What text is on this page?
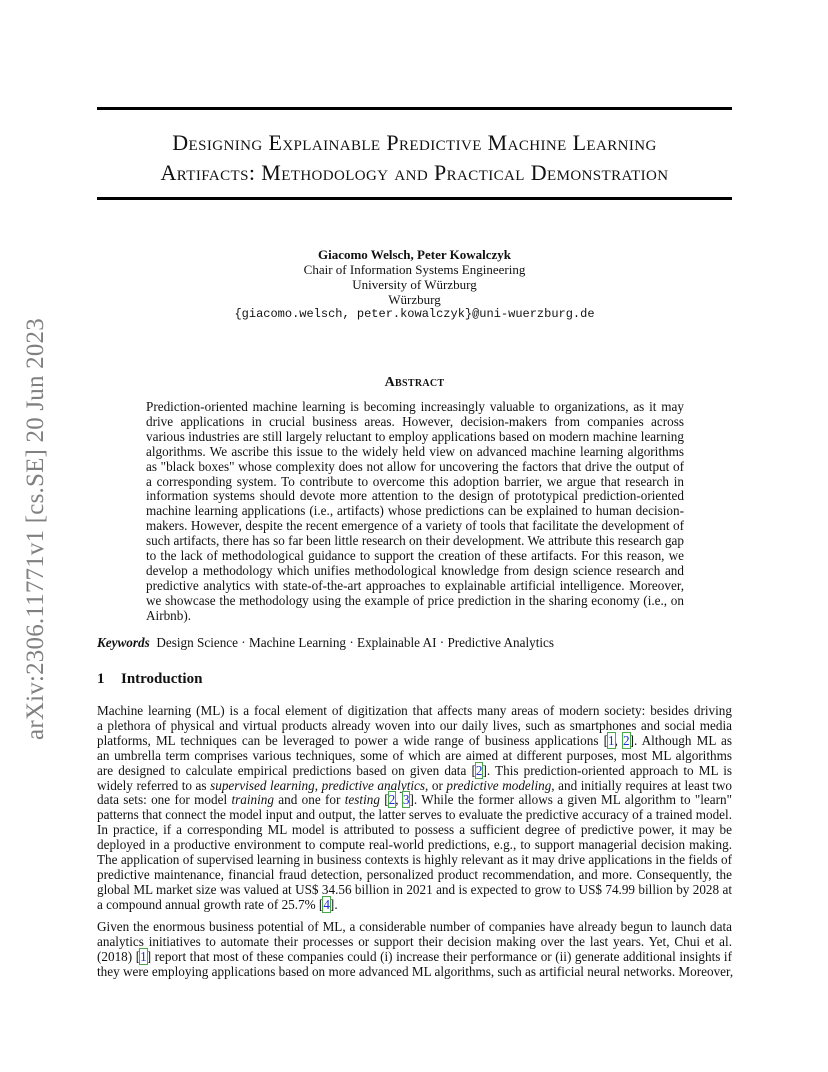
arXiv:2306.11771v1 [cs.SE] 20 Jun 2023
Designing Explainable Predictive Machine Learning
Artifacts: Methodology and Practical Demonstration
Giacomo Welsch, Peter Kowalczyk
Chair of Information Systems Engineering
University of Würzburg
Würzburg
{giacomo.welsch, peter.kowalczyk}@uni-wuerzburg.de
Abstract
Prediction-oriented machine learning is becoming increasingly valuable to organizations, as it may
drive applications in crucial business areas. However, decision-makers from companies across
various industries are still largely reluctant to employ applications based on modern machine learning
algorithms. We ascribe this issue to the widely held view on advanced machine learning algorithms
as "black boxes" whose complexity does not allow for uncovering the factors that drive the output of
a corresponding system. To contribute to overcome this adoption barrier, we argue that research in
information systems should devote more attention to the design of prototypical prediction-oriented
machine learning applications (i.e., artifacts) whose predictions can be explained to human decision-
makers. However, despite the recent emergence of a variety of tools that facilitate the development of
such artifacts, there has so far been little research on their development. We attribute this research gap
to the lack of methodological guidance to support the creation of these artifacts. For this reason, we
develop a methodology which unifies methodological knowledge from design science research and
predictive analytics with state-of-the-art approaches to explainable artificial intelligence. Moreover,
we showcase the methodology using the example of price prediction in the sharing economy (i.e., on
Airbnb).
Keywords Design Science · Machine Learning · Explainable AI · Predictive Analytics
1 Introduction
Machine learning (ML) is a focal element of digitization that affects many areas of modern society: besides driving
a plethora of physical and virtual products already woven into our daily lives, such as smartphones and social media
platforms, ML techniques can be leveraged to power a wide range of business applications [1, 2]. Although ML as
an umbrella term comprises various techniques, some of which are aimed at different purposes, most ML algorithms
are designed to calculate empirical predictions based on given data [2]. This prediction-oriented approach to ML is
widely referred to as supervised learning, predictive analytics, or predictive modeling, and initially requires at least two
data sets: one for model training and one for testing [2, 3]. While the former allows a given ML algorithm to "learn"
patterns that connect the model input and output, the latter serves to evaluate the predictive accuracy of a trained model.
In practice, if a corresponding ML model is attributed to possess a sufficient degree of predictive power, it may be
deployed in a productive environment to compute real-world predictions, e.g., to support managerial decision making.
The application of supervised learning in business contexts is highly relevant as it may drive applications in the fields of
predictive maintenance, financial fraud detection, personalized product recommendation, and more. Consequently, the
global ML market size was valued at US$ 34.56 billion in 2021 and is expected to grow to US$ 74.99 billion by 2028 at
a compound annual growth rate of 25.7% [4].
Given the enormous business potential of ML, a considerable number of companies have already begun to launch data
analytics initiatives to automate their processes or support their decision making over the last years. Yet, Chui et al.
(2018) [1] report that most of these companies could (i) increase their performance or (ii) generate additional insights if
they were employing applications based on more advanced ML algorithms, such as artificial neural networks. Moreover,
